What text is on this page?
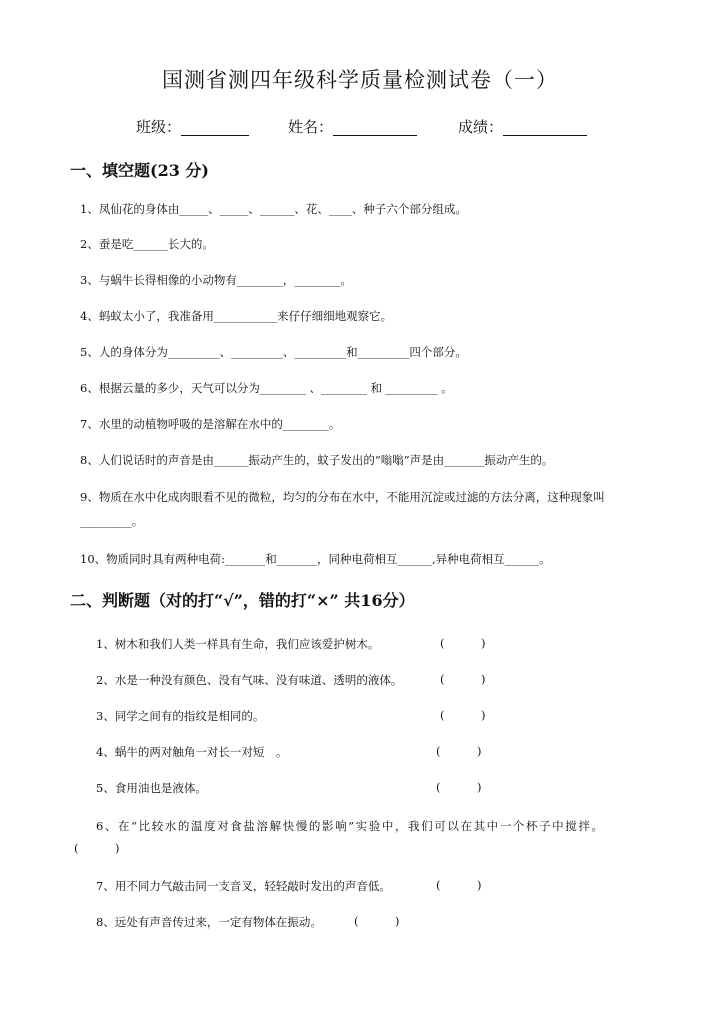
国测省测四年级科学质量检测试卷（一）
班级：	姓名：	成绩：
一、填空题(23 分)
1、凤仙花的身体由_____、_____、______、花、____、种子六个部分组成。
2、蚕是吃______长大的。
3、与蜗牛长得相像的小动物有________，________。
4、蚂蚁太小了，我准备用___________来仔仔细细地观察它。
5、人的身体分为_________、_________、_________和_________四个部分。
6、根据云量的多少，天气可以分为________ 、________ 和 _________ 。
7、水里的动植物呼吸的是溶解在水中的________。
8、人们说话时的声音是由______振动产生的，蚊子发出的“嗡嗡”声是由_______振动产生的。
9、物质在水中化成肉眼看不见的微粒，均匀的分布在水中，不能用沉淀或过滤的方法分离，这种现象叫_________。
10、物质同时具有两种电荷:_______和_______，同种电荷相互______,异种电荷相互______。
二、判断题（对的打“√”，错的打“×” 共16分）
1、树木和我们人类一样具有生命，我们应该爱护树木。	(          )
2、水是一种没有颜色、没有气味、没有味道、透明的液体。	(          )
3、同学之间有的指纹是相同的。	(          )
4、蜗牛的两对触角一对长一对短　。	(          )
5、食用油也是液体。	(          )
6、在“比较水的温度对食盐溶解快慢的影响”实验中，我们可以在其中一个杯子中搅拌。
(          )
7、用不同力气敲击同一支音叉，轻轻敲时发出的声音低。	(          )
8、远处有声音传过来，一定有物体在振动。	(          )
